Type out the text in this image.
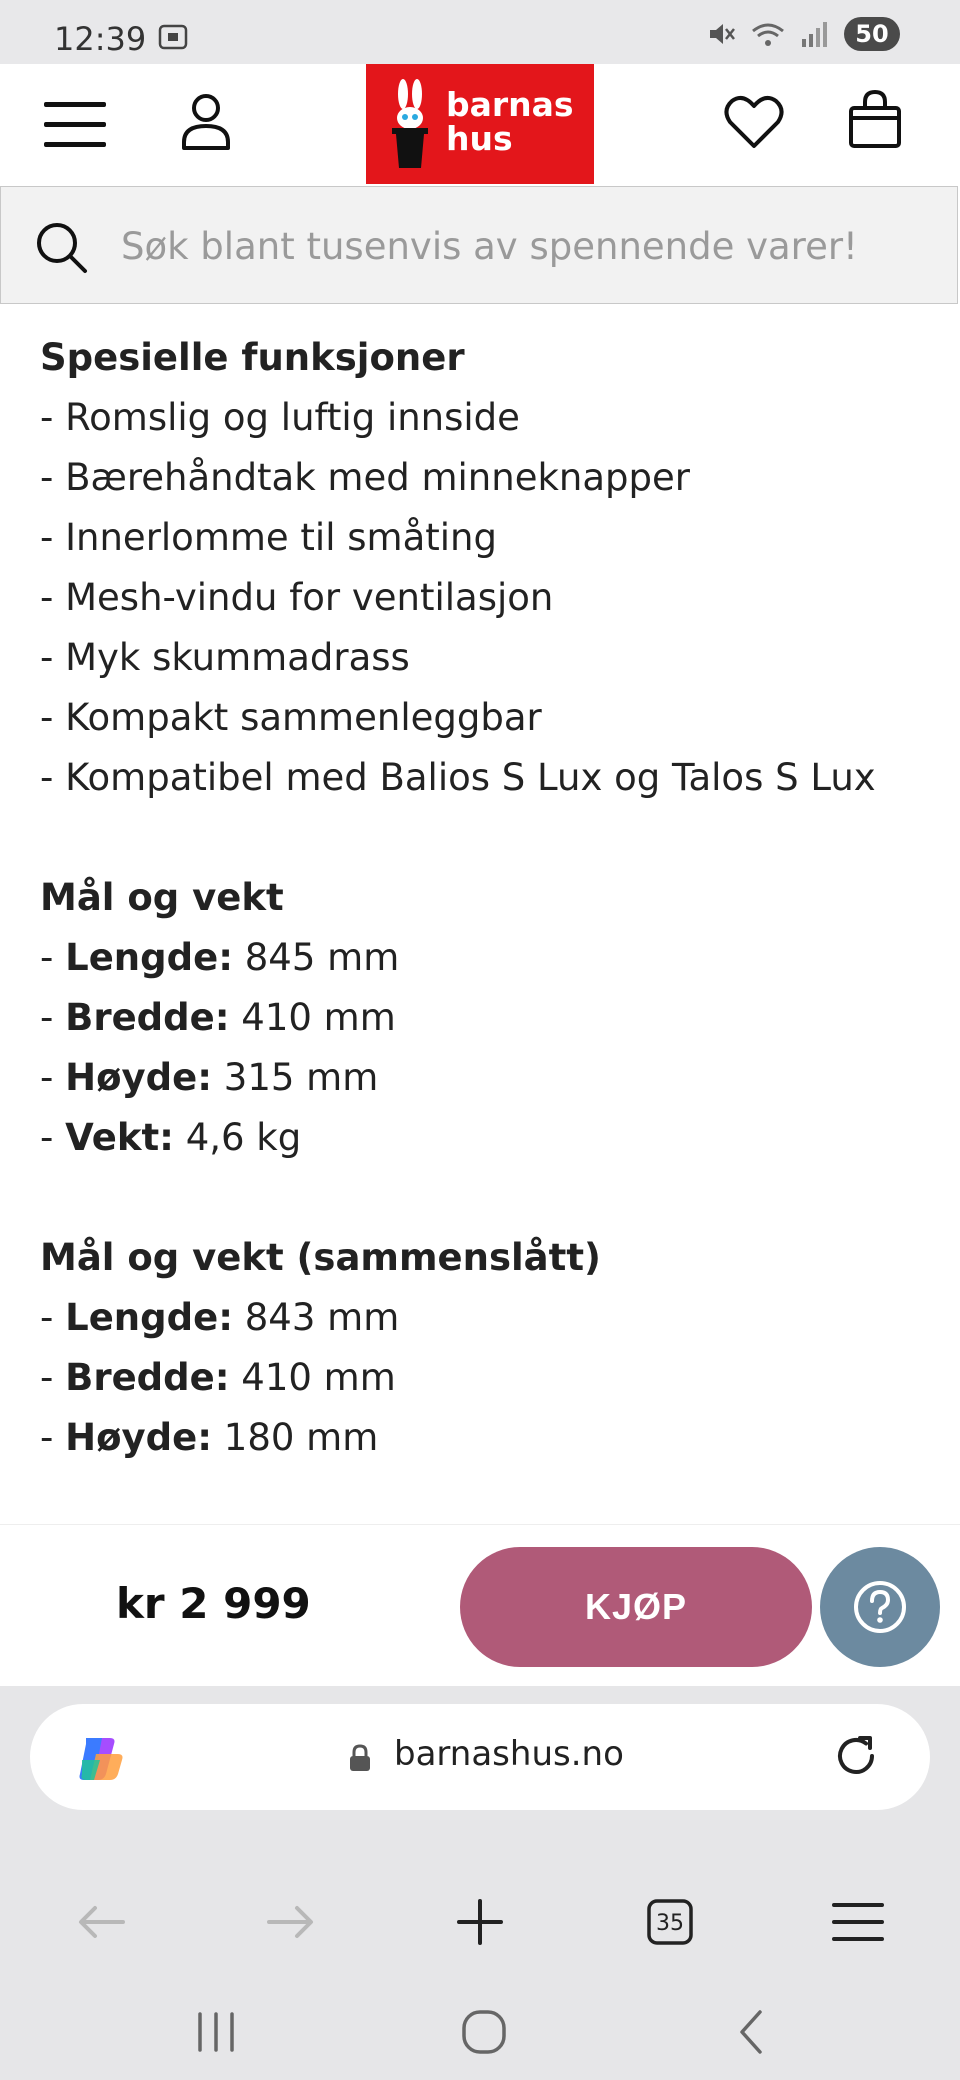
12:39	50
barnas
hus
Søk blant tusenvis av spennende varer!
Spesielle funksjoner
- Romslig og luftig innside
- Bærehåndtak med minneknapper
- Innerlomme til småting
- Mesh-vindu for ventilasjon
- Myk skummadrass
- Kompakt sammenleggbar
- Kompatibel med Balios S Lux og Talos S Lux
Mål og vekt
- Lengde: 845 mm
- Bredde: 410 mm
- Høyde: 315 mm
- Vekt: 4,6 kg
Mål og vekt (sammenslått)
- Lengde: 843 mm
- Bredde: 410 mm
- Høyde: 180 mm
kr 2 999	KJØP
barnashus.no
35
